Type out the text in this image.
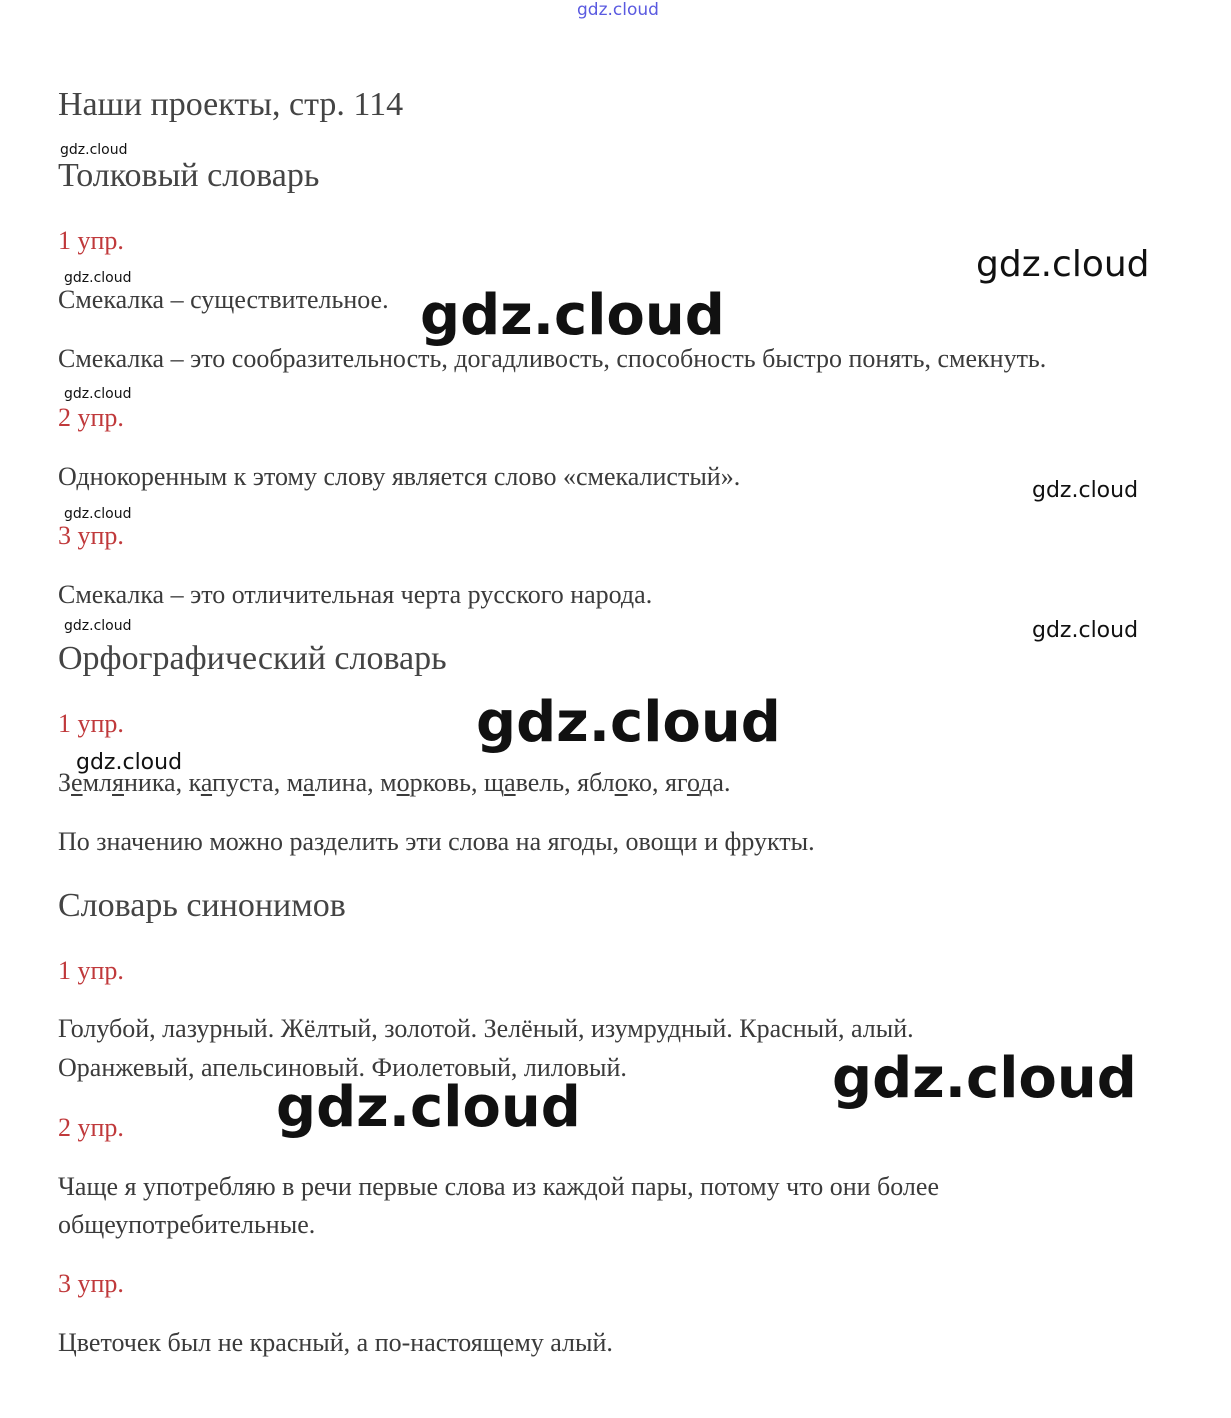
gdz.cloud
Наши проекты, стр. 114
gdz.cloud
Толковый словарь
1 упр.
gdz.cloud
gdz.cloud
Смекалка – существительное. gdz.cloud
Смекалка – это сообразительность, догадливость, способность быстро понять, смекнуть.
gdz.cloud
2 упр.
Однокоренным к этому слову является слово «смекалистый».	gdz.cloud
gdz.cloud
3 упр.
Смекалка – это отличительная черта русского народа.
gdz.cloud	gdz.cloud
Орфографический словарь
1 упр.	gdz.cloud
gdz.cloud
Земляника, капуста, малина, морковь, щавель, яблоко, ягода.
По значению можно разделить эти слова на ягоды, овощи и фрукты.
Словарь синонимов
1 упр.
Голубой, лазурный. Жёлтый, золотой. Зелёный, изумрудный. Красный, алый.
Оранжевый, апельсиновый. Фиолетовый, лиловый.	gdz.cloud
gdz.cloud
2 упр.
Чаще я употребляю в речи первые слова из каждой пары, потому что они более
общеупотребительные.
3 упр.
Цветочек был не красный, а по-настоящему алый.
